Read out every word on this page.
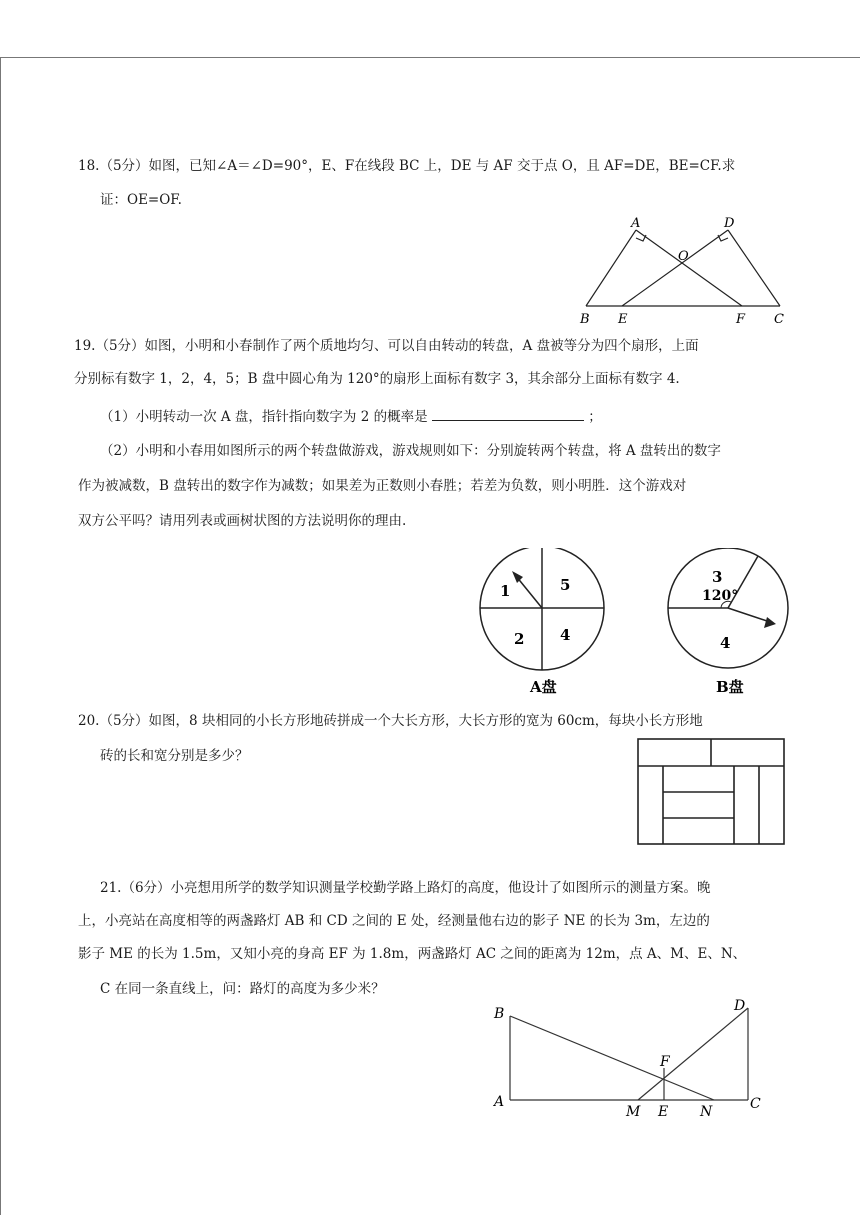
18.（5分）如图，已知∠A＝∠D=90°，E、F在线段 BC 上，DE 与 AF 交于点 O，且 AF=DE，BE=CF.求
证：OE=OF.
A	D
O
B E	F C
19.（5分）如图，小明和小春制作了两个质地均匀、可以自由转动的转盘，A 盘被等分为四个扇形，上面
分别标有数字 1，2，4，5；B 盘中圆心角为 120°的扇形上面标有数字 3，其余部分上面标有数字 4.
（1）小明转动一次 A 盘，指针指向数字为 2 的概率是	；
（2）小明和小春用如图所示的两个转盘做游戏，游戏规则如下：分别旋转两个转盘，将 A 盘转出的数字
作为被减数，B 盘转出的数字作为减数；如果差为正数则小春胜；若差为负数，则小明胜．这个游戏对
双方公平吗？请用列表或画树状图的方法说明你的理由.
1	5
2 4
A盘
3
120°
4
B盘
20.（5分）如图，8 块相同的小长方形地砖拼成一个大长方形，大长方形的宽为 60cm，每块小长方形地
砖的长和宽分别是多少？
21.（6分）小亮想用所学的数学知识测量学校勤学路上路灯的高度，他设计了如图所示的测量方案。晚
上，小亮站在高度相等的两盏路灯 AB 和 CD 之间的 E 处，经测量他右边的影子 NE 的长为 3m，左边的
影子 ME 的长为 1.5m，又知小亮的身高 EF 为 1.8m，两盏路灯 AC 之间的距离为 12m，点 A、M、E、N、
C 在同一条直线上，问：路灯的高度为多少米？
B	D
F
A
M E N	C
